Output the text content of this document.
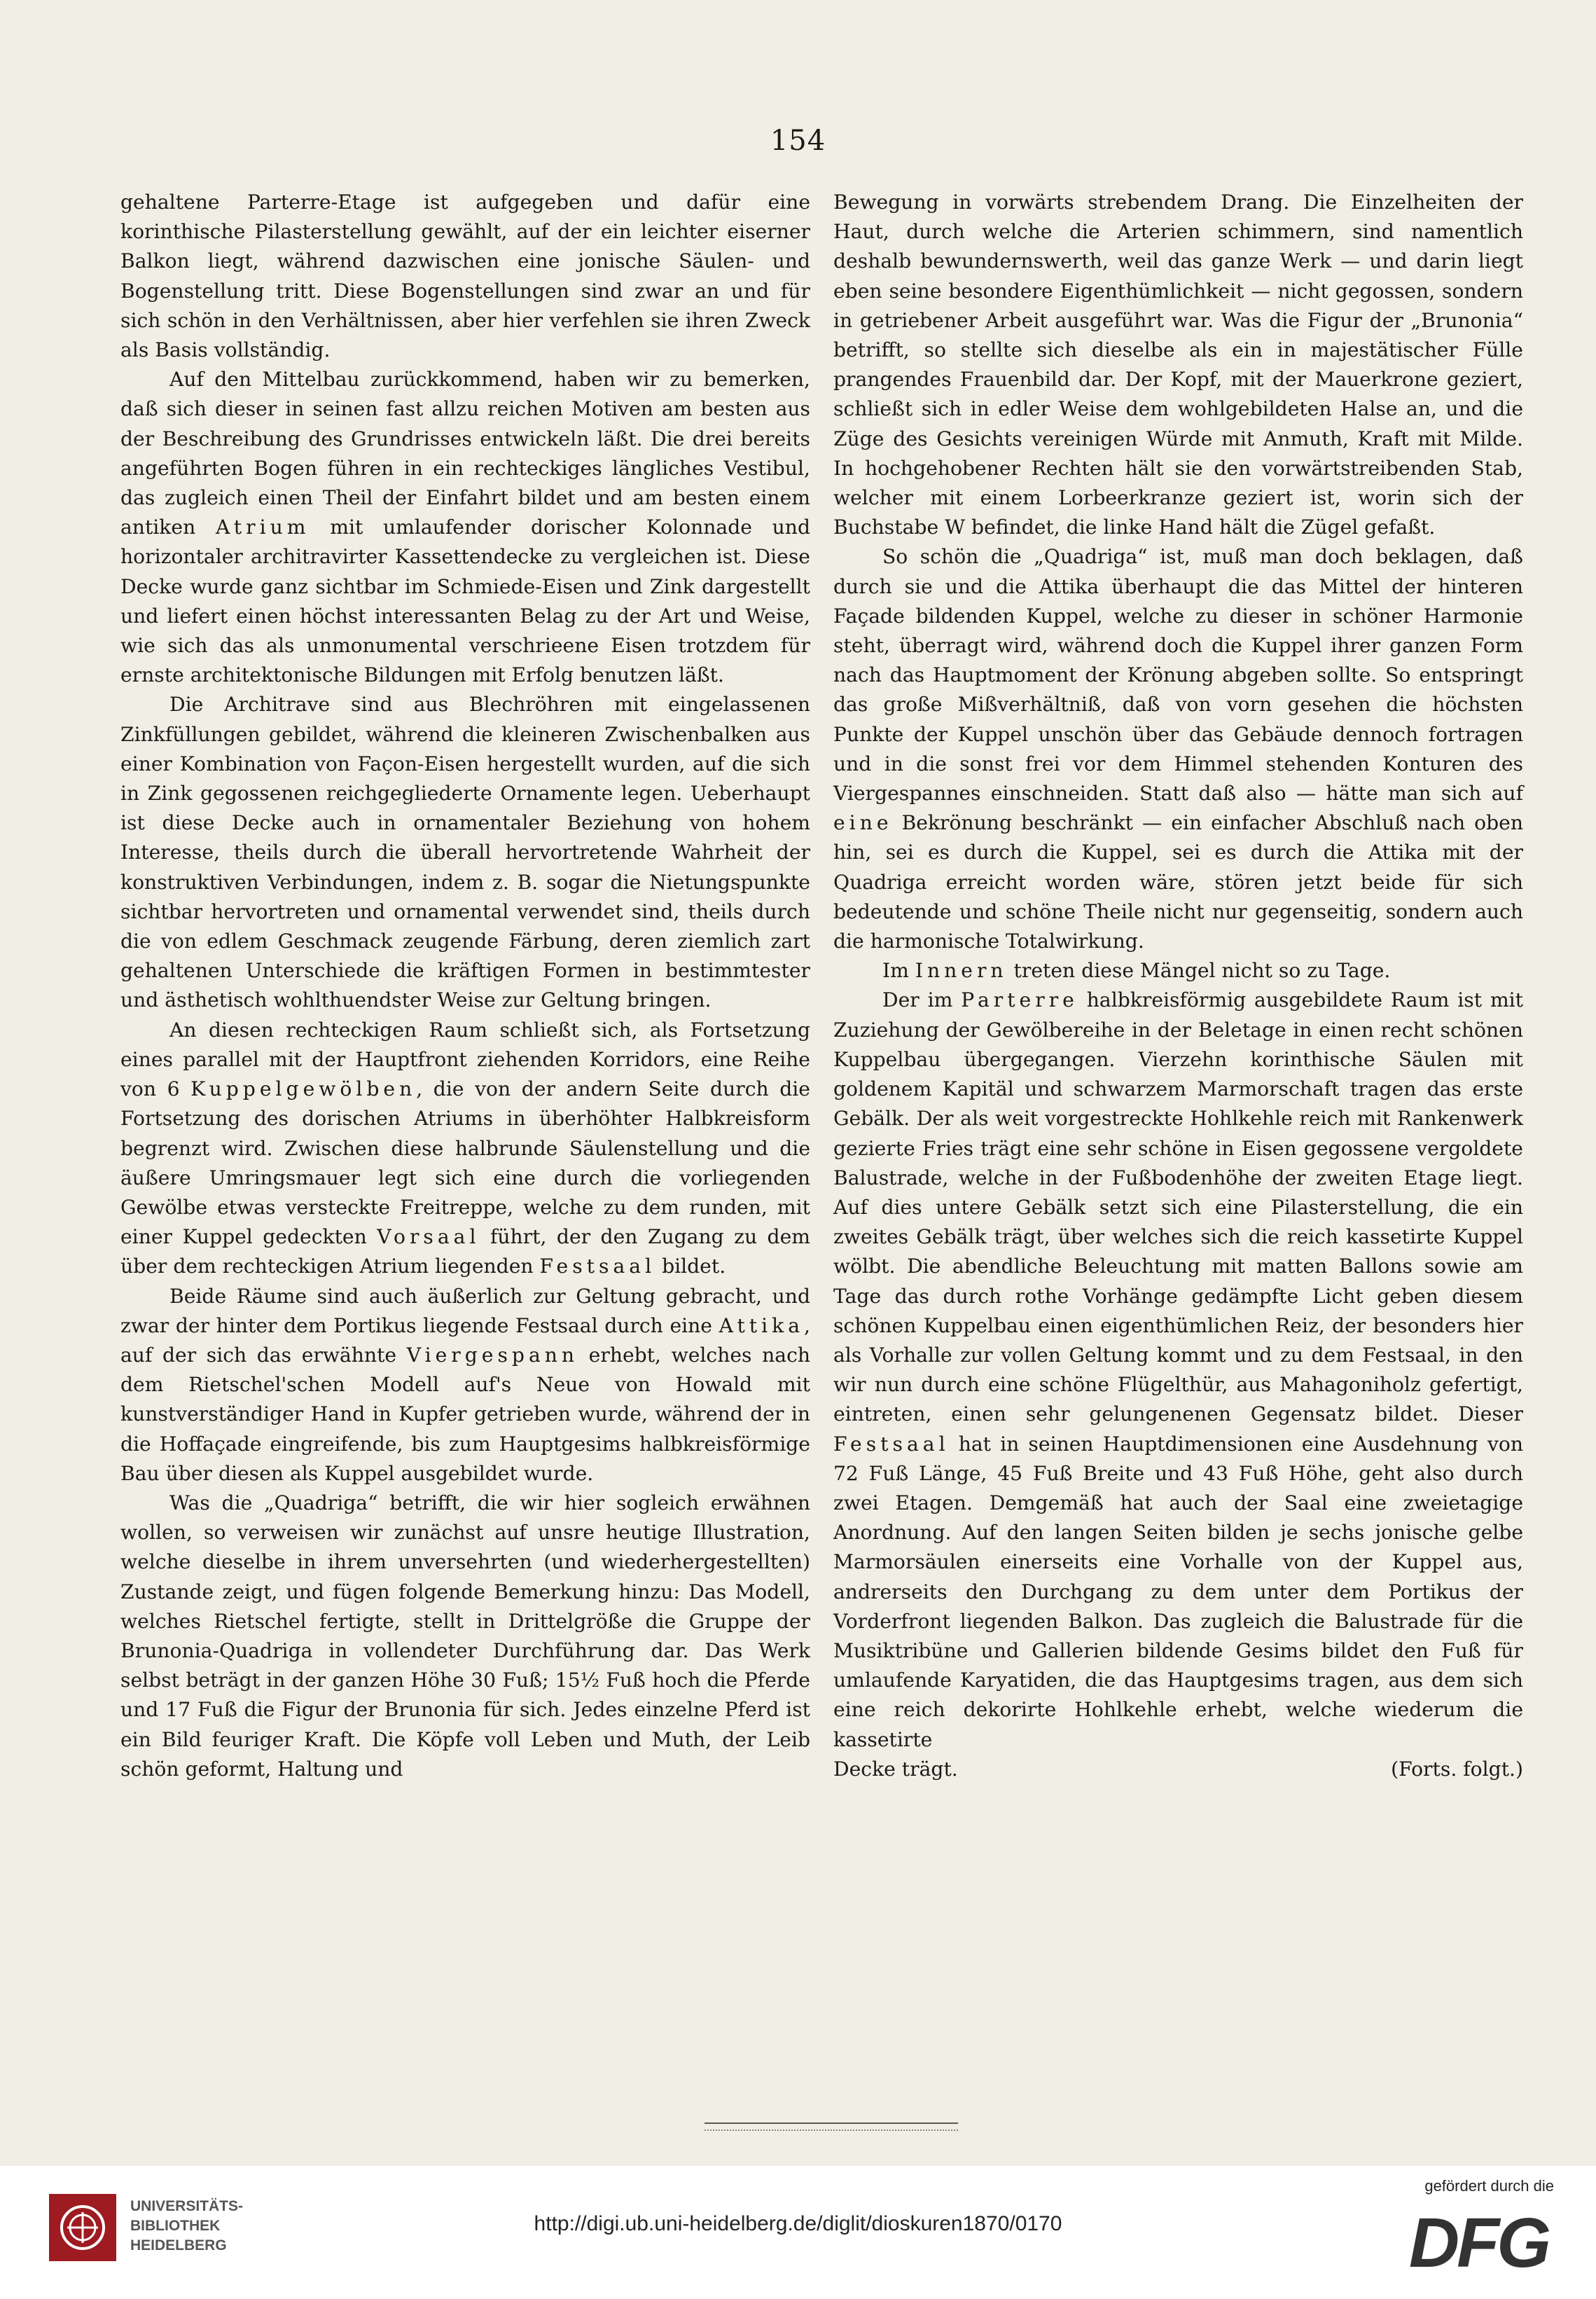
154

gehaltene Parterre-Etage ist aufgegeben und dafür eine korinthische Pilasterstellung gewählt, auf der ein leichter eiserner Balkon liegt, während dazwischen eine jonische Säulen- und Bogenstellung tritt. Diese Bogenstellungen sind zwar an und für sich schön in den Verhältnissen, aber hier verfehlen sie ihren Zweck als Basis vollständig.

Auf den Mittelbau zurückkommend, haben wir zu bemerken, daß sich dieser in seinen fast allzu reichen Motiven am besten aus der Beschreibung des Grundrisses entwickeln läßt. Die drei bereits angeführten Bogen führen in ein rechteckiges längliches Vestibul, das zugleich einen Theil der Einfahrt bildet und am besten einem antiken Atrium mit umlaufender dorischer Kolonnade und horizontaler architravirter Kassettendecke zu vergleichen ist. Diese Decke wurde ganz sichtbar im Schmiede-Eisen und Zink dargestellt und liefert einen höchst interessanten Belag zu der Art und Weise, wie sich das als unmonumental verschrieene Eisen trotzdem für ernste architektonische Bildungen mit Erfolg benutzen läßt.

Die Architrave sind aus Blechröhren mit eingelassenen Zinkfüllungen gebildet, während die kleineren Zwischenbalken aus einer Kombination von Façon-Eisen hergestellt wurden, auf die sich in Zink gegossenen reichgegliederte Ornamente legen. Ueberhaupt ist diese Decke auch in ornamentaler Beziehung von hohem Interesse, theils durch die überall hervortretende Wahrheit der konstruktiven Verbindungen, indem z. B. sogar die Nietungspunkte sichtbar hervortreten und ornamental verwendet sind, theils durch die von edlem Geschmack zeugende Färbung, deren ziemlich zart gehaltenen Unterschiede die kräftigen Formen in bestimmtester und ästhetisch wohlthuendster Weise zur Geltung bringen.

An diesen rechteckigen Raum schließt sich, als Fortsetzung eines parallel mit der Hauptfront ziehenden Korridors, eine Reihe von 6 Kuppelgewölben, die von der andern Seite durch die Fortsetzung des dorischen Atriums in überhöhter Halbkreisform begrenzt wird. Zwischen diese halbrunde Säulenstellung und die äußere Umringsmauer legt sich eine durch die vorliegenden Gewölbe etwas versteckte Freitreppe, welche zu dem runden, mit einer Kuppel gedeckten Vorsaal führt, der den Zugang zu dem über dem rechteckigen Atrium liegenden Festsaal bildet.

Beide Räume sind auch äußerlich zur Geltung gebracht, und zwar der hinter dem Portikus liegende Festsaal durch eine Attika, auf der sich das erwähnte Viergespann erhebt, welches nach dem Rietschel'schen Modell auf's Neue von Howald mit kunstverständiger Hand in Kupfer getrieben wurde, während der in die Hoffaçade eingreifende, bis zum Hauptgesims halbkreisförmige Bau über diesen als Kuppel ausgebildet wurde.

Was die „Quadriga“ betrifft, die wir hier sogleich erwähnen wollen, so verweisen wir zunächst auf unsre heutige Illustration, welche dieselbe in ihrem unversehrten (und wiederhergestellten) Zustande zeigt, und fügen folgende Bemerkung hinzu: Das Modell, welches Rietschel fertigte, stellt in Drittelgröße die Gruppe der Brunonia-Quadriga in vollendeter Durchführung dar. Das Werk selbst beträgt in der ganzen Höhe 30 Fuß; 15½ Fuß hoch die Pferde und 17 Fuß die Figur der Brunonia für sich. Jedes einzelne Pferd ist ein Bild feuriger Kraft. Die Köpfe voll Leben und Muth, der Leib schön geformt, Haltung und

Bewegung in vorwärts strebendem Drang. Die Einzelheiten der Haut, durch welche die Arterien schimmern, sind namentlich deshalb bewundernswerth, weil das ganze Werk — und darin liegt eben seine besondere Eigenthümlichkeit — nicht gegossen, sondern in getriebener Arbeit ausgeführt war. Was die Figur der „Brunonia“ betrifft, so stellte sich dieselbe als ein in majestätischer Fülle prangendes Frauenbild dar. Der Kopf, mit der Mauerkrone geziert, schließt sich in edler Weise dem wohlgebildeten Halse an, und die Züge des Gesichts vereinigen Würde mit Anmuth, Kraft mit Milde. In hochgehobener Rechten hält sie den vorwärtstreibenden Stab, welcher mit einem Lorbeerkranze geziert ist, worin sich der Buchstabe W befindet, die linke Hand hält die Zügel gefaßt.

So schön die „Quadriga“ ist, muß man doch beklagen, daß durch sie und die Attika überhaupt die das Mittel der hinteren Façade bildenden Kuppel, welche zu dieser in schöner Harmonie steht, überragt wird, während doch die Kuppel ihrer ganzen Form nach das Hauptmoment der Krönung abgeben sollte. So entspringt das große Mißverhältniß, daß von vorn gesehen die höchsten Punkte der Kuppel unschön über das Gebäude dennoch fortragen und in die sonst frei vor dem Himmel stehenden Konturen des Viergespannes einschneiden. Statt daß also — hätte man sich auf eine Bekrönung beschränkt — ein einfacher Abschluß nach oben hin, sei es durch die Kuppel, sei es durch die Attika mit der Quadriga erreicht worden wäre, stören jetzt beide für sich bedeutende und schöne Theile nicht nur gegenseitig, sondern auch die harmonische Totalwirkung.

Im Innern treten diese Mängel nicht so zu Tage.

Der im Parterre halbkreisförmig ausgebildete Raum ist mit Zuziehung der Gewölbereihe in der Beletage in einen recht schönen Kuppelbau übergegangen. Vierzehn korinthische Säulen mit goldenem Kapitäl und schwarzem Marmorschaft tragen das erste Gebälk. Der als weit vorgestreckte Hohlkehle reich mit Rankenwerk gezierte Fries trägt eine sehr schöne in Eisen gegossene vergoldete Balustrade, welche in der Fußbodenhöhe der zweiten Etage liegt. Auf dies untere Gebälk setzt sich eine Pilasterstellung, die ein zweites Gebälk trägt, über welches sich die reich kassetirte Kuppel wölbt. Die abendliche Beleuchtung mit matten Ballons sowie am Tage das durch rothe Vorhänge gedämpfte Licht geben diesem schönen Kuppelbau einen eigenthümlichen Reiz, der besonders hier als Vorhalle zur vollen Geltung kommt und zu dem Festsaal, in den wir nun durch eine schöne Flügelthür, aus Mahagoniholz gefertigt, eintreten, einen sehr gelungenenen Gegensatz bildet. Dieser Festsaal hat in seinen Hauptdimensionen eine Ausdehnung von 72 Fuß Länge, 45 Fuß Breite und 43 Fuß Höhe, geht also durch zwei Etagen. Demgemäß hat auch der Saal eine zweietagige Anordnung. Auf den langen Seiten bilden je sechs jonische gelbe Marmorsäulen einerseits eine Vorhalle von der Kuppel aus, andrerseits den Durchgang zu dem unter dem Portikus der Vorderfront liegenden Balkon. Das zugleich die Balustrade für die Musiktribüne und Gallerien bildende Gesims bildet den Fuß für umlaufende Karyatiden, die das Hauptgesims tragen, aus dem sich eine reich dekorirte Hohlkehle erhebt, welche wiederum die kassetirte

Decke trägt.	(Forts. folgt.)
UNIVERSITÄTS-
BIBLIOTHEK
HEIDELBERG
http://digi.ub.uni-heidelberg.de/diglit/dioskuren1870/0170
gefördert durch die
DFG
